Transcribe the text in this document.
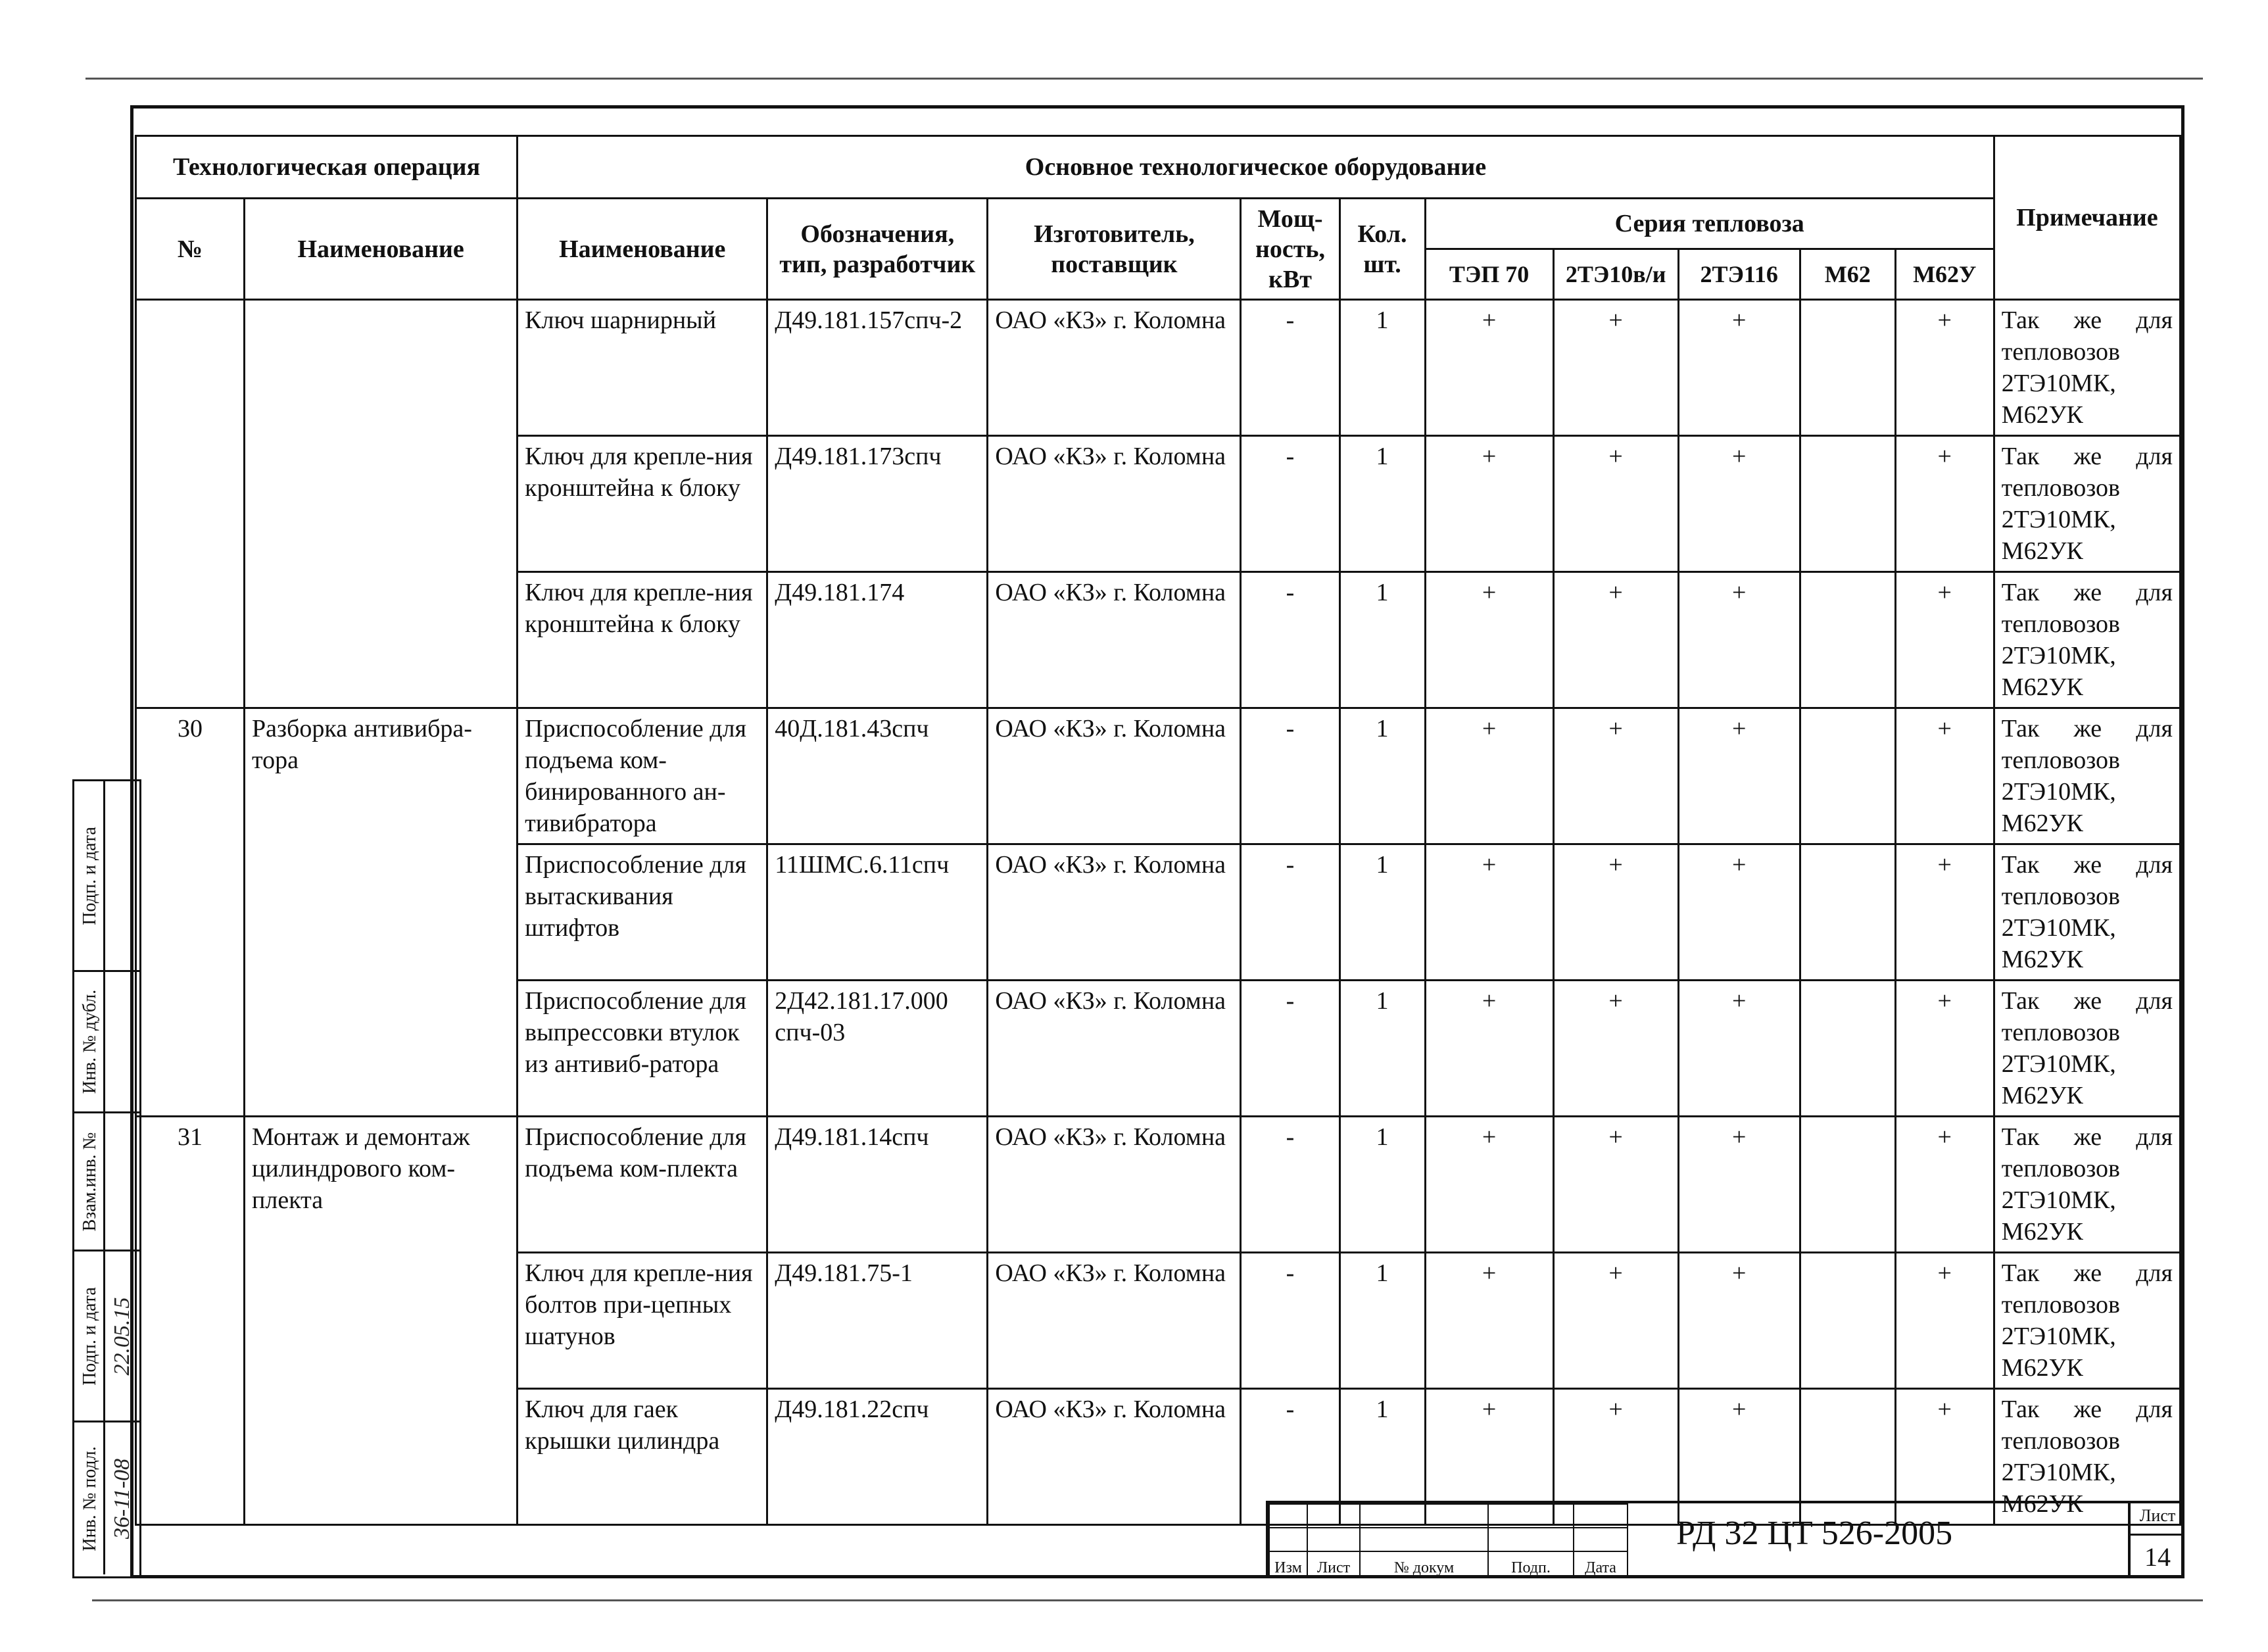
Технологическая операция		Основное технологическое оборудование										Примечание
№	Наименование	Наименование	Обозначения, тип, разработчик	Изготовитель, поставщик	Мощ-ность, кВт	Кол. шт.	Серия тепловоза					
							ТЭП 70	2ТЭ10в/и	2ТЭ116	М62	М62У	
		Ключ шарнирный	Д49.181.157спч-2	ОАО «КЗ» г. Коломна	-	1	+	+	+		+	Так же для тепловозов 2ТЭ10МК, М62УК
		Ключ для крепле-ния кронштейна к блоку	Д49.181.173спч	ОАО «КЗ» г. Коломна	-	1	+	+	+		+	Так же для тепловозов 2ТЭ10МК, М62УК
		Ключ для крепле-ния кронштейна к блоку	Д49.181.174	ОАО «КЗ» г. Коломна	-	1	+	+	+		+	Так же для тепловозов 2ТЭ10МК, М62УК
30	Разборка антивибра-тора	Приспособление для подъема ком-бинированного ан-тивибратора	40Д.181.43спч	ОАО «КЗ» г. Коломна	-	1	+	+	+		+	Так же для тепловозов 2ТЭ10МК, М62УК
		Приспособление для вытаскивания штифтов	11ШМС.6.11спч	ОАО «КЗ» г. Коломна	-	1	+	+	+		+	Так же для тепловозов 2ТЭ10МК, М62УК
		Приспособление для выпрессовки втулок из антивиб-ратора	2Д42.181.17.000 спч-03	ОАО «КЗ» г. Коломна	-	1	+	+	+		+	Так же для тепловозов 2ТЭ10МК, М62УК
31	Монтаж и демонтаж цилиндрового ком-плекта	Приспособление для подъема ком-плекта	Д49.181.14спч	ОАО «КЗ» г. Коломна	-	1	+	+	+		+	Так же для тепловозов 2ТЭ10МК, М62УК
		Ключ для крепле-ния болтов при-цепных шатунов	Д49.181.75-1	ОАО «КЗ» г. Коломна	-	1	+	+	+		+	Так же для тепловозов 2ТЭ10МК, М62УК
		Ключ для гаек крышки цилиндра	Д49.181.22спч	ОАО «КЗ» г. Коломна	-	1	+	+	+		+	Так же для тепловозов 2ТЭ10МК, М62УК
Подп. и дата
Инв. № дубл.
Взам.инв. №
Подп. и дата 22.05.15
Инв. № подл. 36-11-08

Изм	Лист	№ докум	Подп.	Дата
РД 32 ЦТ 526-2005	Лист
14
